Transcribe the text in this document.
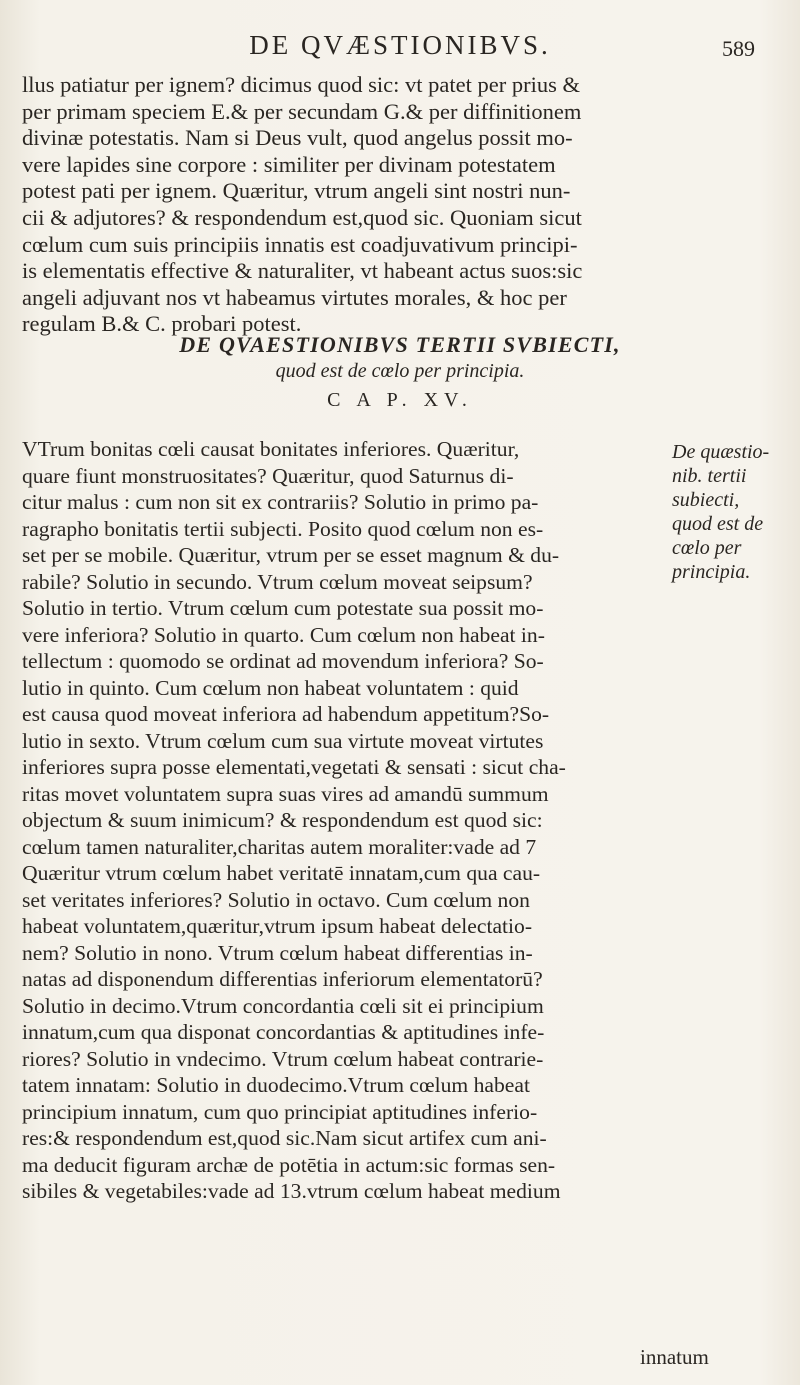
DE QVÆSTIONIBVS.	589
llus patiatur per ignem? dicimus quod sic: vt patet per prius &
per primam speciem E.& per secundam G.& per diffinitionem
divinæ potestatis. Nam si Deus vult, quod angelus possit mo-
vere lapides sine corpore : similiter per divinam potestatem
potest pati per ignem. Quæritur, vtrum angeli sint nostri nun-
cii & adjutores? & respondendum est,quod sic. Quoniam sicut
cœlum cum suis principiis innatis est coadjuvativum principi-
is elementatis effective & naturaliter, vt habeant actus suos:sic
angeli adjuvant nos vt habeamus virtutes morales, & hoc per
regulam B.& C. probari potest.
DE QVAESTIONIBVS TERTII SVBIECTI,
quod est de cœlo per principia.
C A P. XV.
VTrum bonitas cœli causat bonitates inferiores. Quæritur,
quare fiunt monstruositates? Quæritur, quod Saturnus di-
citur malus : cum non sit ex contrariis? Solutio in primo pa-
ragrapho bonitatis tertii subjecti. Posito quod cœlum non es-
set per se mobile. Quæritur, vtrum per se esset magnum & du-
rabile? Solutio in secundo. Vtrum cœlum moveat seipsum?
Solutio in tertio. Vtrum cœlum cum potestate sua possit mo-
vere inferiora? Solutio in quarto. Cum cœlum non habeat in-
tellectum : quomodo se ordinat ad movendum inferiora? So-
lutio in quinto. Cum cœlum non habeat voluntatem : quid
est causa quod moveat inferiora ad habendum appetitum?So-
lutio in sexto. Vtrum cœlum cum sua virtute moveat virtutes
inferiores supra posse elementati,vegetati & sensati : sicut cha-
ritas movet voluntatem supra suas vires ad amandū summum
objectum & suum inimicum? & respondendum est quod sic:
cœlum tamen naturaliter,charitas autem moraliter:vade ad 7
Quæritur vtrum cœlum habet veritatē innatam,cum qua cau-
set veritates inferiores? Solutio in octavo. Cum cœlum non
habeat voluntatem,quæritur,vtrum ipsum habeat delectatio-
nem? Solutio in nono. Vtrum cœlum habeat differentias in-
natas ad disponendum differentias inferiorum elementatorū?
Solutio in decimo.Vtrum concordantia cœli sit ei principium
innatum,cum qua disponat concordantias & aptitudines infe-
riores? Solutio in vndecimo. Vtrum cœlum habeat contrarie-
tatem innatam: Solutio in duodecimo.Vtrum cœlum habeat
principium innatum, cum quo principiat aptitudines inferio-
res:& respondendum est,quod sic.Nam sicut artifex cum ani-
ma deducit figuram archæ de potētia in actum:sic formas sen-
sibiles & vegetabiles:vade ad 13.vtrum cœlum habeat medium
De quæstio-
nib. tertii
subiecti,
quod est de
cœlo per
principia.
innatum
